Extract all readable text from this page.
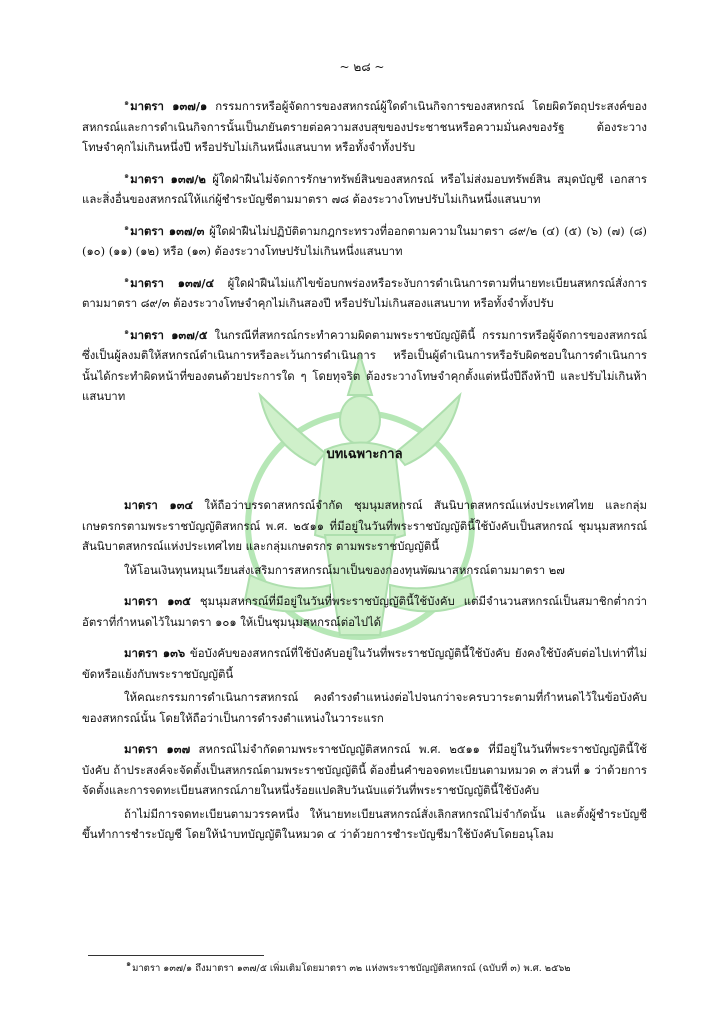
~ ๒๘ ~

$^๑$มาตรา ๑๓๗/๑ กรรมการหรือผู้จัดการของสหกรณ์ผู้ใดดำเนินกิจการของสหกรณ์ โดยผิดวัตถุประสงค์ของสหกรณ์และการดำเนินกิจการนั้นเป็นภยันตรายต่อความสงบสุขของประชาชนหรือความมั่นคงของรัฐ ต้องระวางโทษจำคุกไม่เกินหนึ่งปี หรือปรับไม่เกินหนึ่งแสนบาท หรือทั้งจำทั้งปรับ

$^๑$มาตรา ๑๓๗/๒ ผู้ใดฝ่าฝืนไม่จัดการรักษาทรัพย์สินของสหกรณ์ หรือไม่ส่งมอบทรัพย์สิน สมุดบัญชี เอกสาร และสิ่งอื่นของสหกรณ์ให้แก่ผู้ชำระบัญชีตามมาตรา ๗๘ ต้องระวางโทษปรับไม่เกินหนึ่งแสนบาท

$^๑$มาตรา ๑๓๗/๓ ผู้ใดฝ่าฝืนไม่ปฏิบัติตามกฎกระทรวงที่ออกตามความในมาตรา ๘๙/๒ (๔) (๕) (๖) (๗) (๘) (๑๐) (๑๑) (๑๒) หรือ (๑๓) ต้องระวางโทษปรับไม่เกินหนึ่งแสนบาท

$^๑$มาตรา ๑๓๗/๔ ผู้ใดฝ่าฝืนไม่แก้ไขข้อบกพร่องหรือระงับการดำเนินการตามที่นายทะเบียนสหกรณ์สั่งการตามมาตรา ๘๙/๓ ต้องระวางโทษจำคุกไม่เกินสองปี หรือปรับไม่เกินสองแสนบาท หรือทั้งจำทั้งปรับ

$^๑$มาตรา ๑๓๗/๕ ในกรณีที่สหกรณ์กระทำความผิดตามพระราชบัญญัตินี้ กรรมการหรือผู้จัดการของสหกรณ์ซึ่งเป็นผู้ลงมติให้สหกรณ์ดำเนินการหรือละเว้นการดำเนินการ หรือเป็นผู้ดำเนินการหรือรับผิดชอบในการดำเนินการนั้นได้กระทำผิดหน้าที่ของตนด้วยประการใด ๆ โดยทุจริต ต้องระวางโทษจำคุกตั้งแต่หนึ่งปีถึงห้าปี และปรับไม่เกินห้าแสนบาท

บทเฉพาะกาล

มาตรา ๑๓๔ ให้ถือว่าบรรดาสหกรณ์จำกัด ชุมนุมสหกรณ์ สันนิบาตสหกรณ์แห่งประเทศไทย และกลุ่มเกษตรกรตามพระราชบัญญัติสหกรณ์ พ.ศ. ๒๕๑๑ ที่มีอยู่ในวันที่พระราชบัญญัตินี้ใช้บังคับเป็นสหกรณ์ ชุมนุมสหกรณ์ สันนิบาตสหกรณ์แห่งประเทศไทย และกลุ่มเกษตรกร ตามพระราชบัญญัตินี้

ให้โอนเงินทุนหมุนเวียนส่งเสริมการสหกรณ์มาเป็นของกองทุนพัฒนาสหกรณ์ตามมาตรา ๒๗

มาตรา ๑๓๕ ชุมนุมสหกรณ์ที่มีอยู่ในวันที่พระราชบัญญัตินี้ใช้บังคับ แต่มีจำนวนสหกรณ์เป็นสมาชิกต่ำกว่าอัตราที่กำหนดไว้ในมาตรา ๑๐๑ ให้เป็นชุมนุมสหกรณ์ต่อไปได้

มาตรา ๑๓๖ ข้อบังคับของสหกรณ์ที่ใช้บังคับอยู่ในวันที่พระราชบัญญัตินี้ใช้บังคับ ยังคงใช้บังคับต่อไปเท่าที่ไม่ขัดหรือแย้งกับพระราชบัญญัตินี้

ให้คณะกรรมการดำเนินการสหกรณ์ คงดำรงตำแหน่งต่อไปจนกว่าจะครบวาระตามที่กำหนดไว้ในข้อบังคับของสหกรณ์นั้น โดยให้ถือว่าเป็นการดำรงตำแหน่งในวาระแรก

มาตรา ๑๓๗ สหกรณ์ไม่จำกัดตามพระราชบัญญัติสหกรณ์ พ.ศ. ๒๕๑๑ ที่มีอยู่ในวันที่พระราชบัญญัตินี้ใช้บังคับ ถ้าประสงค์จะจัดตั้งเป็นสหกรณ์ตามพระราชบัญญัตินี้ ต้องยื่นคำขอจดทะเบียนตามหมวด ๓ ส่วนที่ ๑ ว่าด้วยการจัดตั้งและการจดทะเบียนสหกรณ์ภายในหนึ่งร้อยแปดสิบวันนับแต่วันที่พระราชบัญญัตินี้ใช้บังคับ

ถ้าไม่มีการจดทะเบียนตามวรรคหนึ่ง ให้นายทะเบียนสหกรณ์สั่งเลิกสหกรณ์ไม่จำกัดนั้น และตั้งผู้ชำระบัญชีขึ้นทำการชำระบัญชี โดยให้นำบทบัญญัติในหมวด ๔ ว่าด้วยการชำระบัญชีมาใช้บังคับโดยอนุโลม

$^๑$มาตรา ๑๓๗/๑ ถึงมาตรา ๑๓๗/๕ เพิ่มเติมโดยมาตรา ๓๒ แห่งพระราชบัญญัติสหกรณ์ (ฉบับที่ ๓) พ.ศ. ๒๕๖๒
